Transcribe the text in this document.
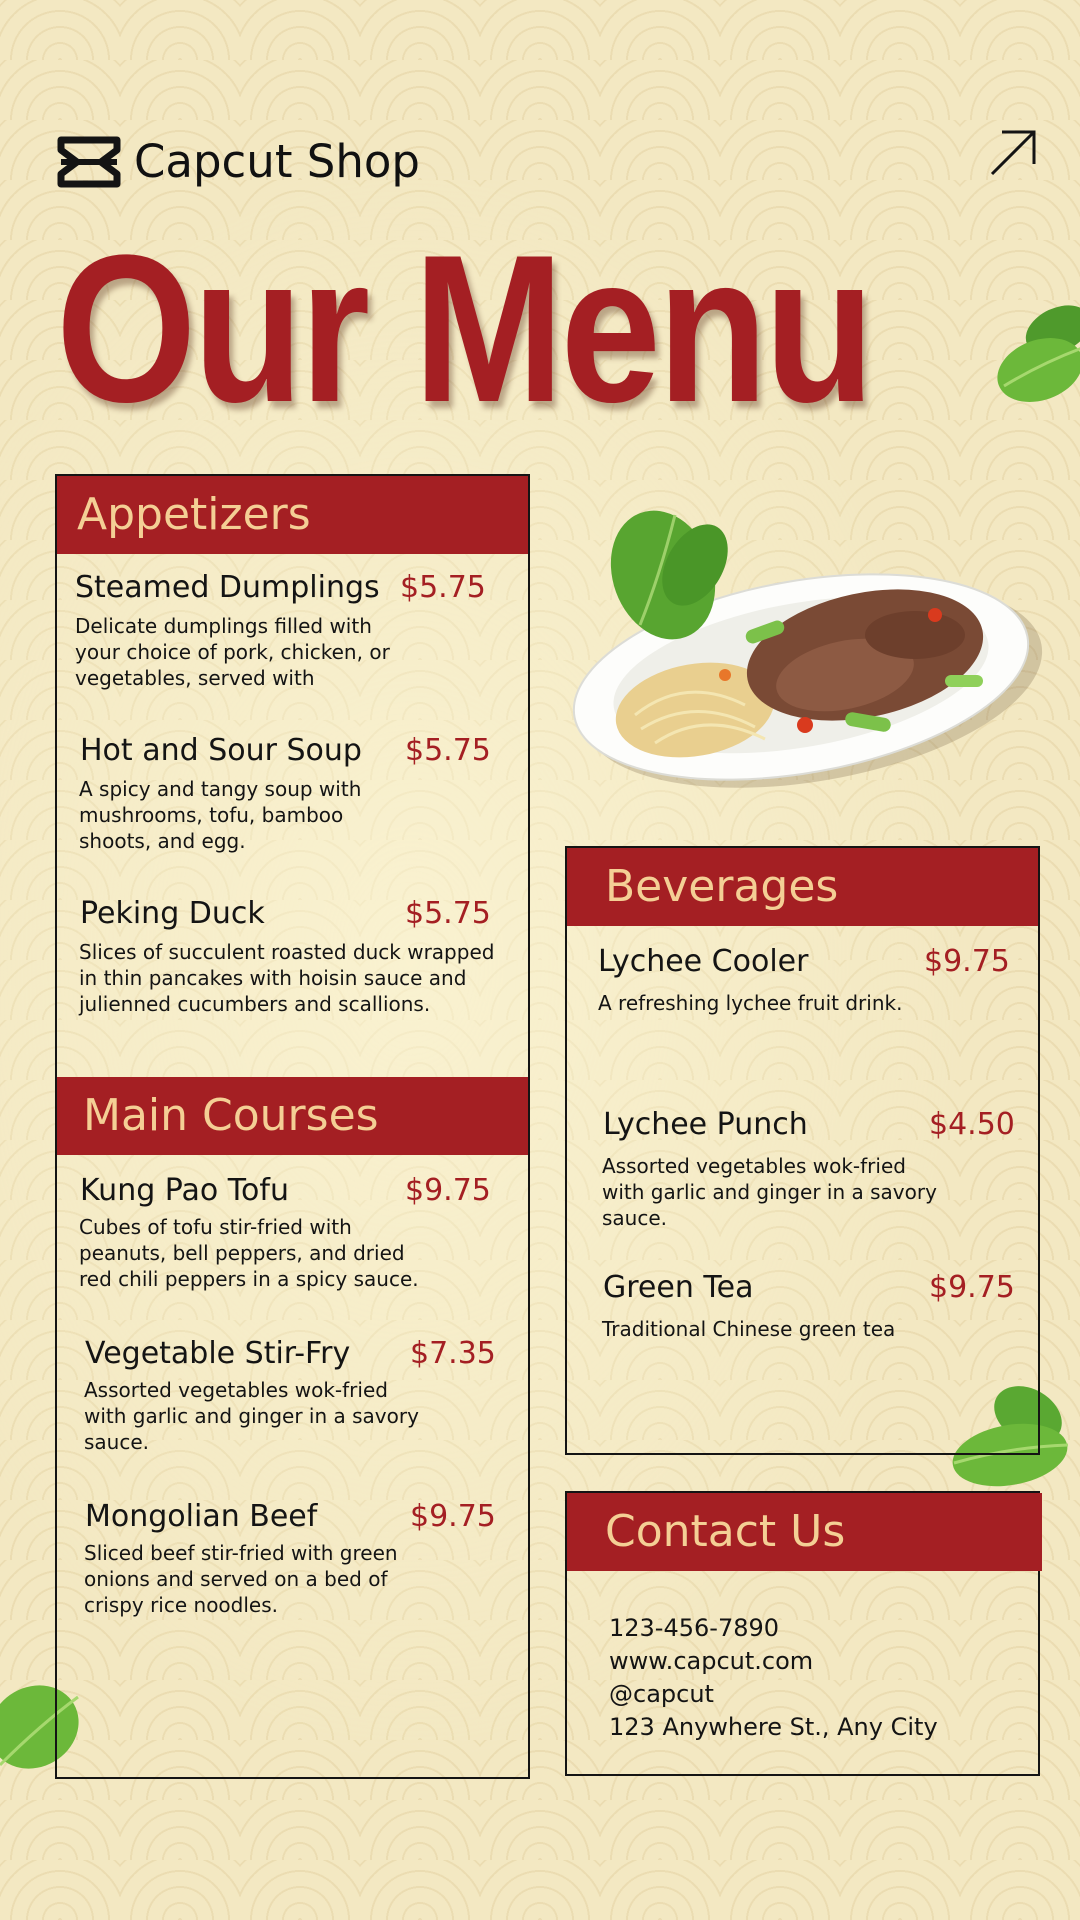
Capcut Shop
Our Menu
Appetizers
Steamed Dumplings $5.75
Delicate dumplings filled with your choice of pork, chicken, or vegetables, served with
Hot and Sour Soup $5.75
A spicy and tangy soup with mushrooms, tofu, bamboo shoots, and egg.
Peking Duck	$5.75
Slices of succulent roasted duck wrapped in thin pancakes with hoisin sauce and julienned cucumbers and scallions.
Main Courses
Kung Pao Tofu	$9.75
Cubes of tofu stir-fried with peanuts, bell peppers, and dried red chili peppers in a spicy sauce.
Vegetable Stir-Fry $7.35
Assorted vegetables wok-fried with garlic and ginger in a savory sauce.
Mongolian Beef	$9.75
Sliced beef stir-fried with green onions and served on a bed of crispy rice noodles.
Beverages
Lychee Cooler	$9.75
A refreshing lychee fruit drink.
Lychee Punch	$4.50
Assorted vegetables wok-fried with garlic and ginger in a savory sauce.
Green Tea	$9.75
Traditional Chinese green tea
Contact Us
123-456-7890
www.capcut.com
@capcut
123 Anywhere St., Any City
